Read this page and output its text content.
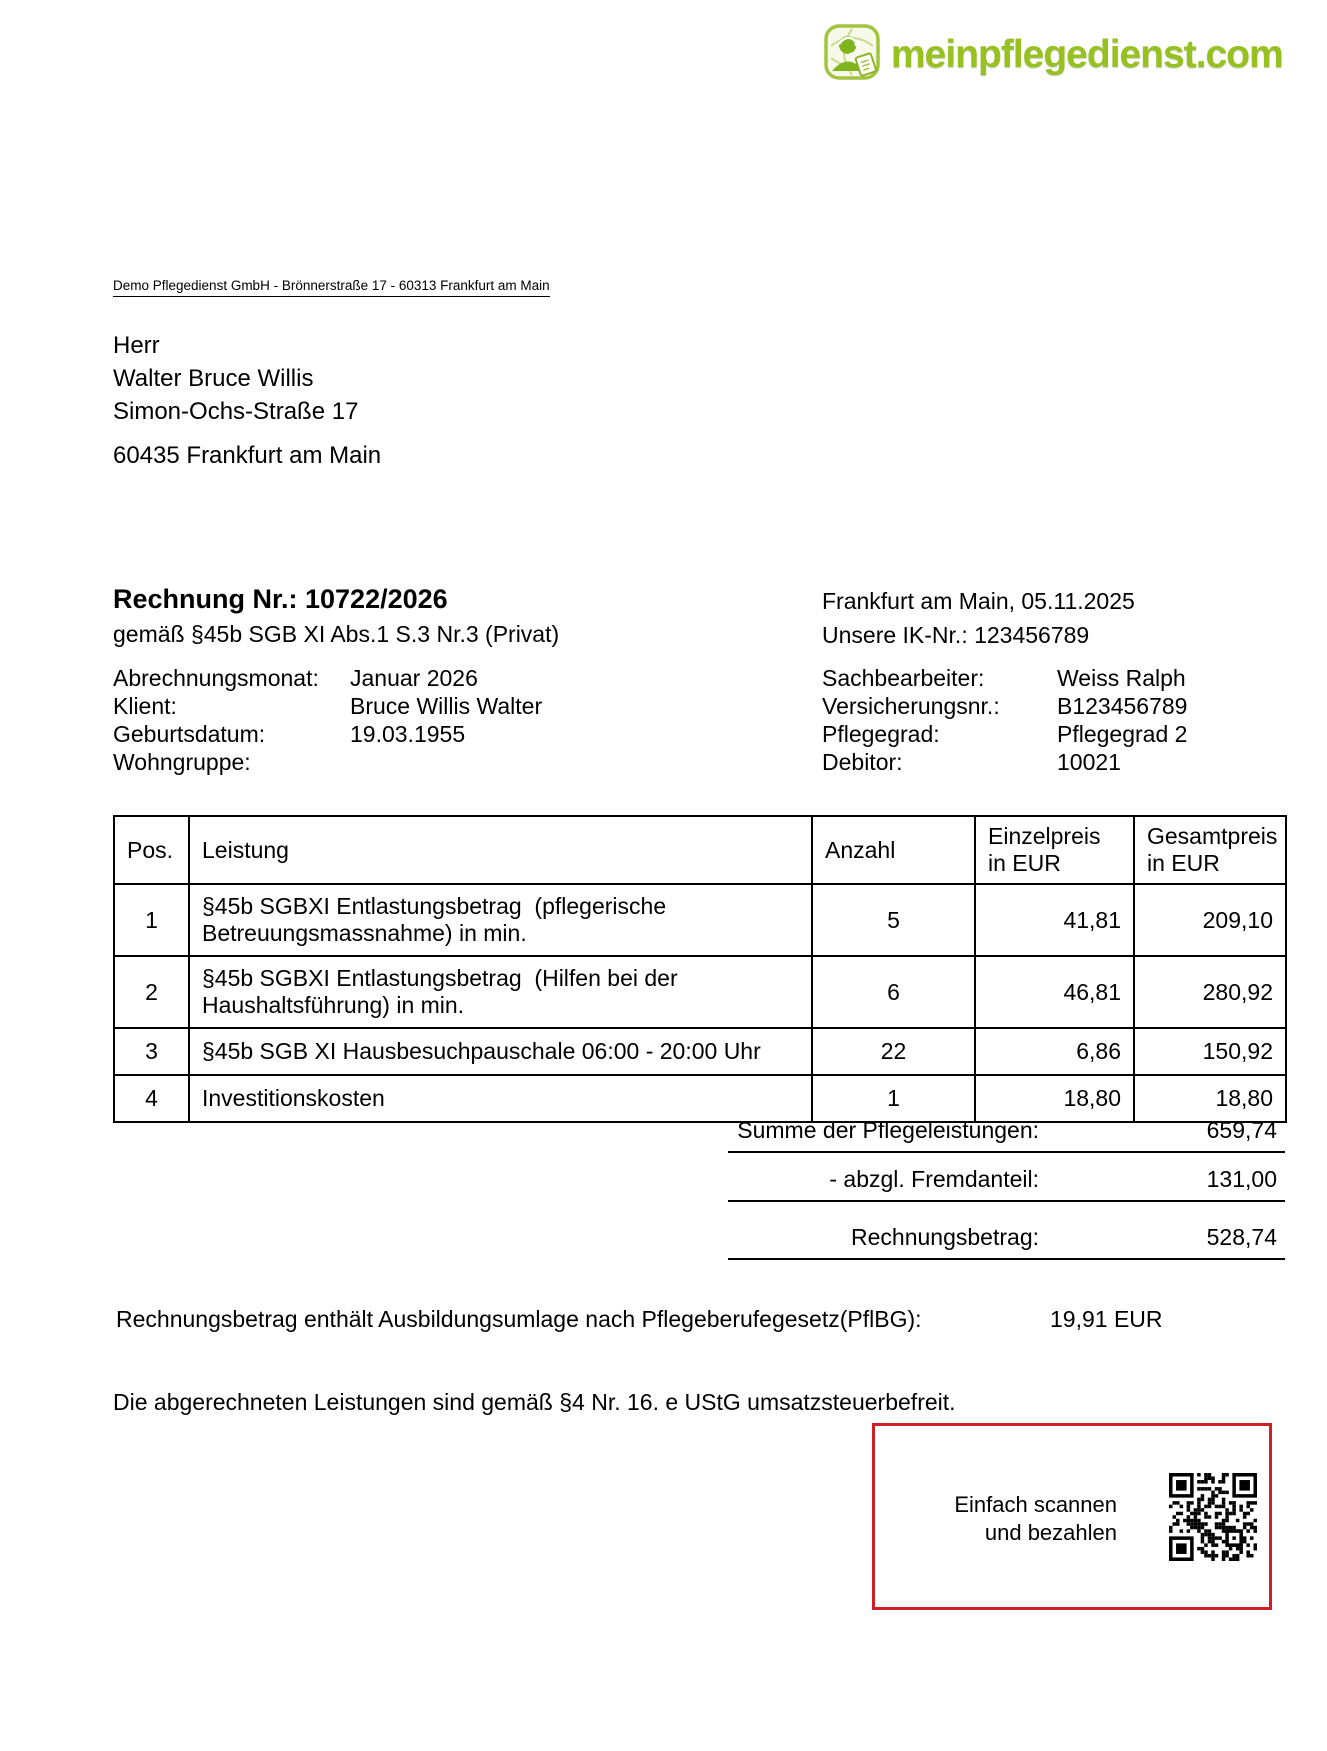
meinpflegedienst.com
Demo Pflegedienst GmbH - Brönnerstraße 17 - 60313 Frankfurt am Main
Herr
Walter Bruce Willis
Simon-Ochs-Straße 17
60435 Frankfurt am Main
Rechnung Nr.: 10722/2026
gemäß §45b SGB XI Abs.1 S.3 Nr.3 (Privat)
Frankfurt am Main, 05.11.2025
Unsere IK-Nr.: 123456789
Abrechnungsmonat:	Januar 2026
Klient:	Bruce Willis Walter
Geburtsdatum:	19.03.1955
Wohngruppe:
Sachbearbeiter:	Weiss Ralph
Versicherungsnr.:	B123456789
Pflegegrad:	Pflegegrad 2
Debitor:	10021
Pos.	Leistung	Anzahl	Einzelpreis in EUR	Gesamtpreis in EUR
1	§45b SGBXI Entlastungsbetrag  (pflegerische Betreuungsmassnahme) in min.	5	41,81	209,10
2	§45b SGBXI Entlastungsbetrag  (Hilfen bei der Haushaltsführung) in min.	6	46,81	280,92
3	§45b SGB XI Hausbesuchpauschale 06:00 - 20:00 Uhr	22	6,86	150,92
4	Investitionskosten	1	18,80	18,80
Summe der Pflegeleistungen:	659,74
- abzgl. Fremdanteil:	131,00
Rechnungsbetrag:	528,74
Rechnungsbetrag enthält Ausbildungsumlage nach Pflegeberufegesetz(PflBG):	19,91 EUR
Die abgerechneten Leistungen sind gemäß §4 Nr. 16. e UStG umsatzsteuerbefreit.
Einfach scannen
und bezahlen
